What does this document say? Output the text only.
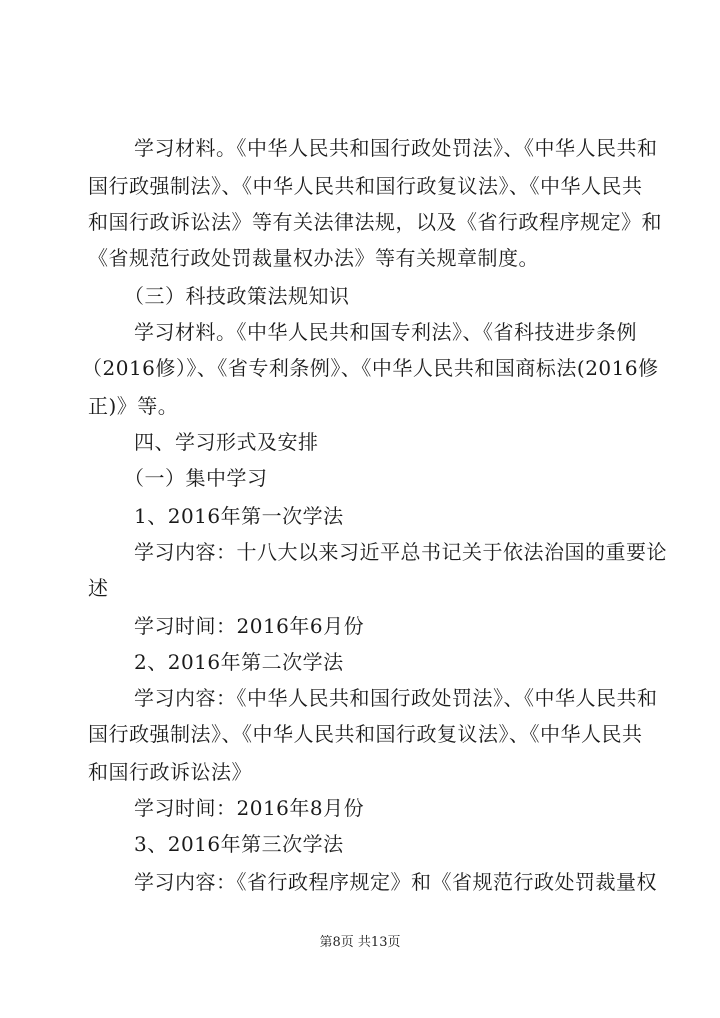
学习材料。《中华人民共和国行政处罚法》、《中华人民共和
国行政强制法》、《中华人民共和国行政复议法》、《中华人民共
和国行政诉讼法》等有关法律法规，以及《省行政程序规定》和
《省规范行政处罚裁量权办法》等有关规章制度。
（三）科技政策法规知识
学习材料。《中华人民共和国专利法》、《省科技进步条例
（2016修）》、《省专利条例》、《中华人民共和国商标法(2016修
正)》等。
四、学习形式及安排
（一）集中学习
1、2016年第一次学法
学习内容：十八大以来习近平总书记关于依法治国的重要论
述
学习时间：2016年6月份
2、2016年第二次学法
学习内容：《中华人民共和国行政处罚法》、《中华人民共和
国行政强制法》、《中华人民共和国行政复议法》、《中华人民共
和国行政诉讼法》
学习时间：2016年8月份
3、2016年第三次学法
学习内容：《省行政程序规定》和《省规范行政处罚裁量权
第8页 共13页
